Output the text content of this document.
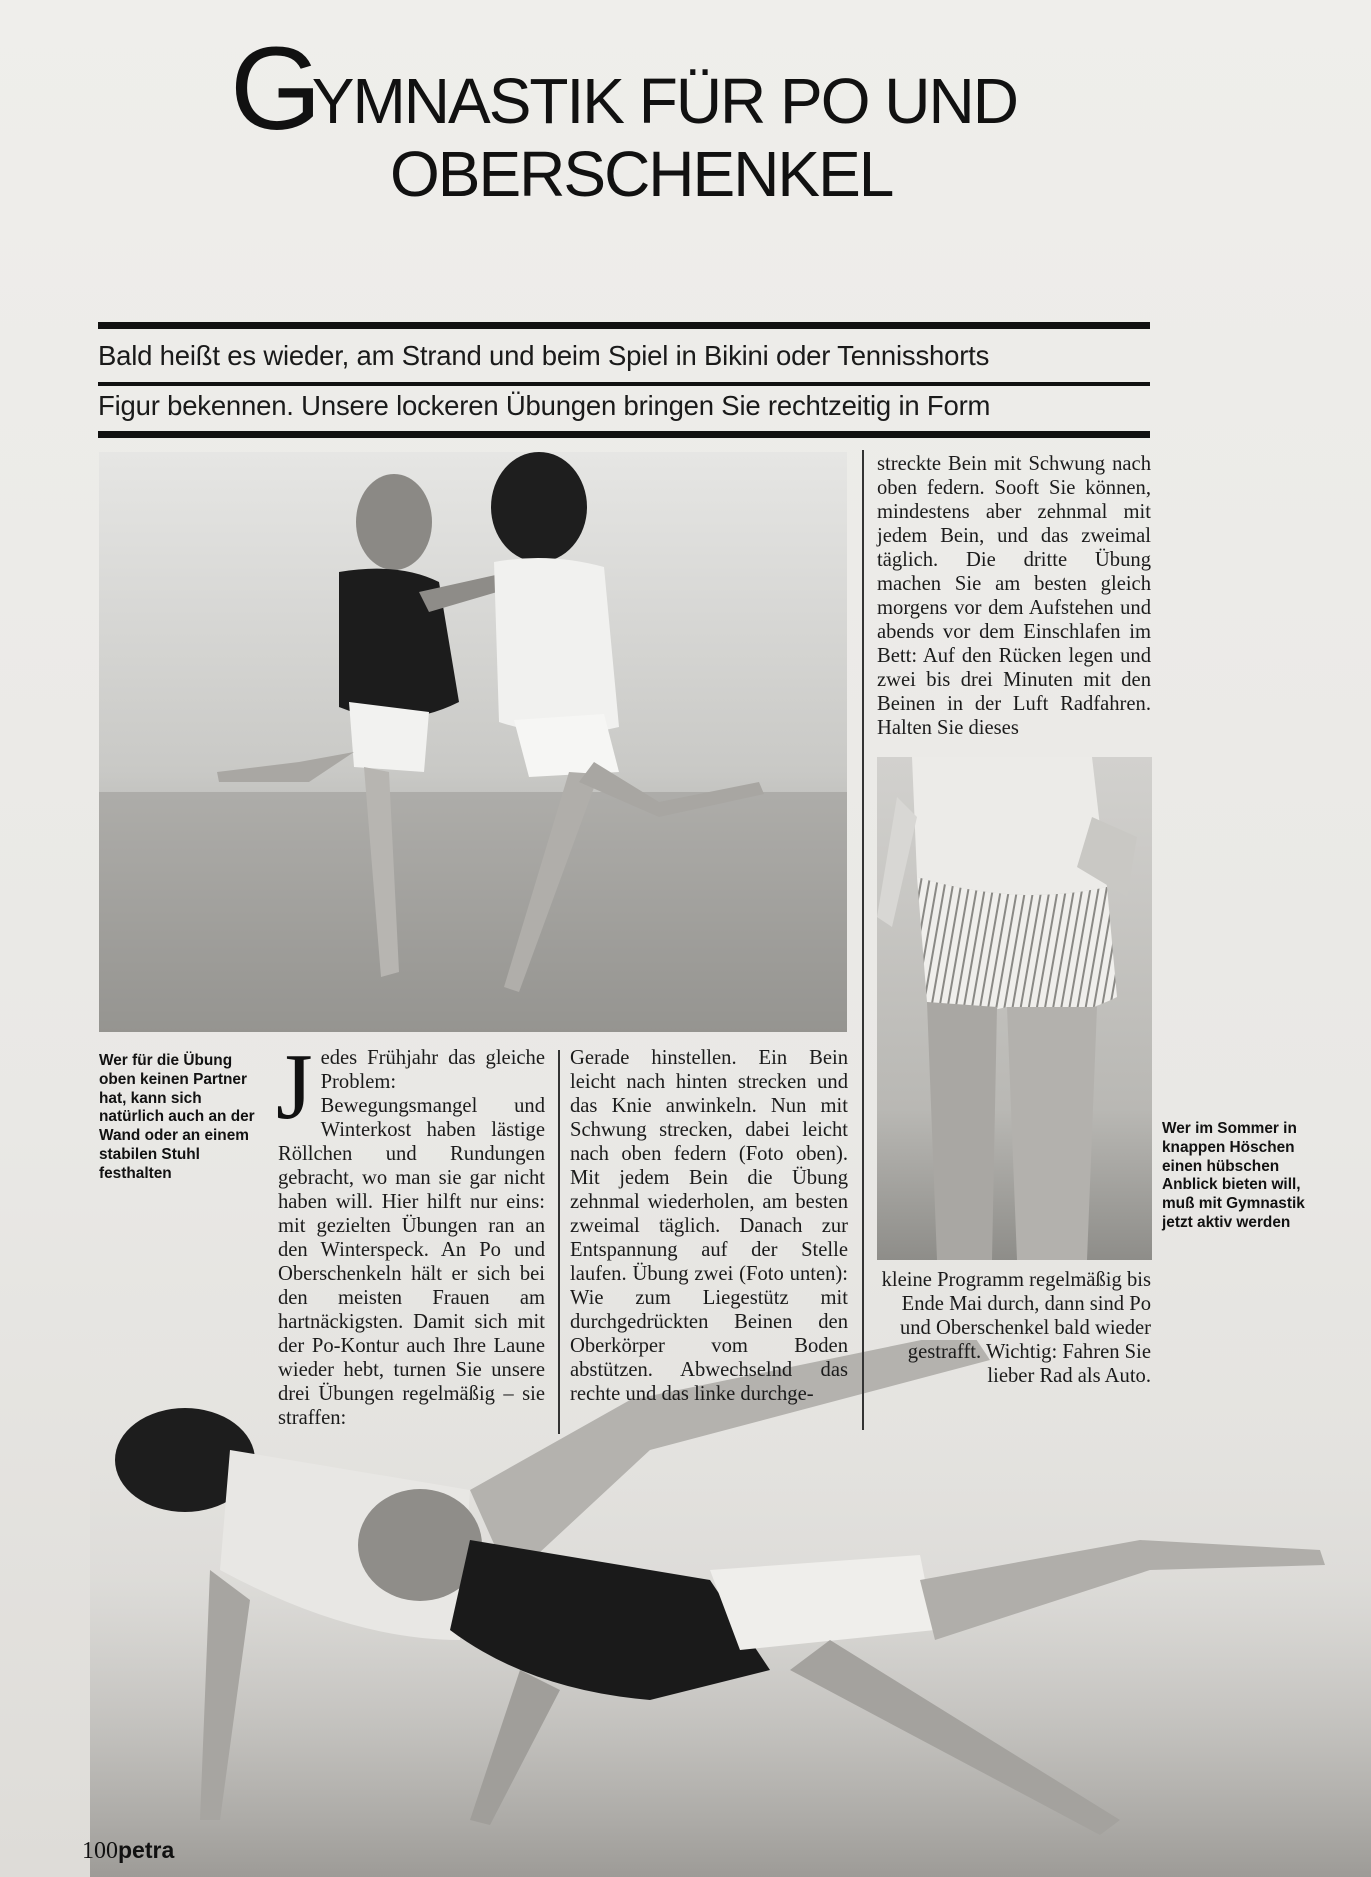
GYMNASTIK FÜR PO UND
OBERSCHENKEL
Bald heißt es wieder, am Strand und beim Spiel in Bikini oder Tennisshorts
Figur bekennen. Unsere lockeren Übungen bringen Sie rechtzeitig in Form
Wer für die Übung oben keinen Partner hat, kann sich natürlich auch an der Wand oder an einem stabilen Stuhl festhalten
J edes Frühjahr das gleiche Problem: Bewegungsmangel und Winterkost haben lästige Röllchen und Rundungen gebracht, wo man sie gar nicht haben will. Hier hilft nur eins: mit gezielten Übungen ran an den Winterspeck. An Po und Oberschenkeln hält er sich bei den meisten Frauen am hartnäckigsten. Damit sich mit der Po-Kontur auch Ihre Laune wieder hebt, turnen Sie unsere drei Übungen regelmäßig – sie straffen:

Gerade hinstellen. Ein Bein leicht nach hinten strecken und das Knie anwinkeln. Nun mit Schwung strecken, dabei leicht nach oben federn (Foto oben). Mit jedem Bein die Übung zehnmal wiederholen, am besten zweimal täglich. Danach zur Entspannung auf der Stelle laufen. Übung zwei (Foto unten): Wie zum Liegestütz mit durchgedrückten Beinen den Oberkörper vom Boden abstützen. Abwechselnd das rechte und das linke durchge-

streckte Bein mit Schwung nach oben federn. Sooft Sie können, mindestens aber zehnmal mit jedem Bein, und das zweimal täglich. Die dritte Übung machen Sie am besten gleich morgens vor dem Aufstehen und abends vor dem Einschlafen im Bett: Auf den Rücken legen und zwei bis drei Minuten mit den Beinen in der Luft Radfahren. Halten Sie dieses

kleine Programm regelmäßig bis Ende Mai durch, dann sind Po und Oberschenkel bald wieder gestrafft. Wichtig: Fahren Sie lieber Rad als Auto.

Wer im Sommer in knappen Höschen einen hübschen Anblick bieten will, muß mit Gymnastik jetzt aktiv werden
100petra
